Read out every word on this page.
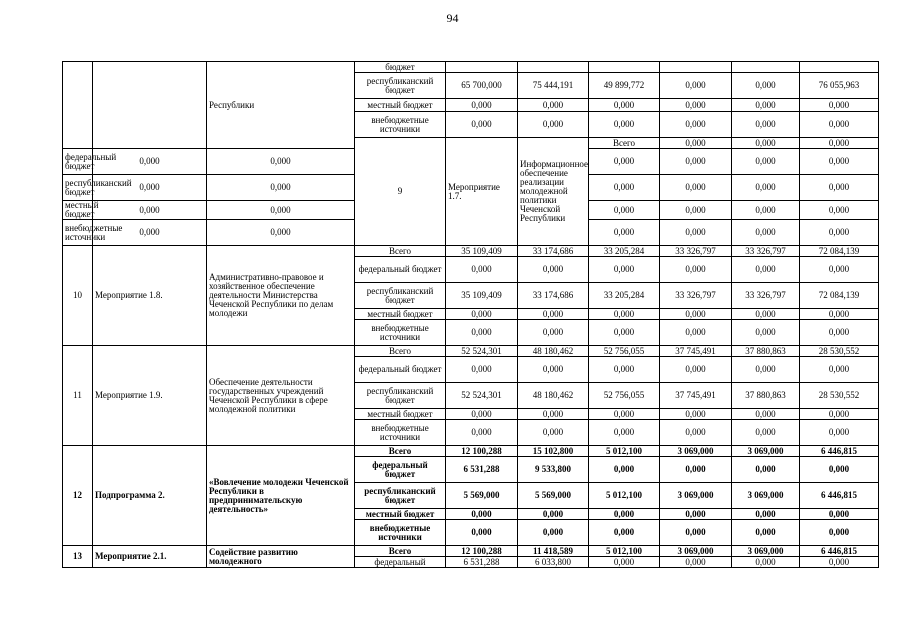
94
		Республики	бюджет							
			республиканский бюджет	65 700,000	75 444,191	49 899,772	0,000	0,000	76 055,963	
			местный бюджет	0,000	0,000	0,000	0,000	0,000	0,000	
			внебюджетные источники	0,000	0,000	0,000	0,000	0,000	0,000	
			9	Мероприятие 1.7.	Информационное обеспечение реализации молодежной политики Чеченской Республики	Всего	0,000	0,000	0,000			
федеральный бюджет	0,000	0,000				0,000	0,000	0,000	0,000	
республиканский бюджет	0,000	0,000				0,000	0,000	0,000	0,000	
местный бюджет	0,000	0,000				0,000	0,000	0,000	0,000	
внебюджетные источники	0,000	0,000				0,000	0,000	0,000	0,000	
10	Мероприятие 1.8.	Административно-правовое и хозяйственное обеспечение деятельности Министерства Чеченской Республики по делам молодежи	Всего	35 109,409	33 174,686	33 205,284	33 326,797	33 326,797	72 084,139	
			федеральный бюджет	0,000	0,000	0,000	0,000	0,000	0,000	
			республиканский бюджет	35 109,409	33 174,686	33 205,284	33 326,797	33 326,797	72 084,139	
			местный бюджет	0,000	0,000	0,000	0,000	0,000	0,000	
			внебюджетные источники	0,000	0,000	0,000	0,000	0,000	0,000	
11	Мероприятие 1.9.	Обеспечение деятельности государственных учреждений Чеченской Республики в сфере молодежной политики	Всего	52 524,301	48 180,462	52 756,055	37 745,491	37 880,863	28 530,552	
			федеральный бюджет	0,000	0,000	0,000	0,000	0,000	0,000	
			республиканский бюджет	52 524,301	48 180,462	52 756,055	37 745,491	37 880,863	28 530,552	
			местный бюджет	0,000	0,000	0,000	0,000	0,000	0,000	
			внебюджетные источники	0,000	0,000	0,000	0,000	0,000	0,000	
12	Подпрограмма 2.	«Вовлечение молодежи Чеченской Республики в предпринимательскую деятельность»	Всего	12 100,288	15 102,800	5 012,100	3 069,000	3 069,000	6 446,815	
			федеральный бюджет	6 531,288	9 533,800	0,000	0,000	0,000	0,000	
			республиканский бюджет	5 569,000	5 569,000	5 012,100	3 069,000	3 069,000	6 446,815	
			местный бюджет	0,000	0,000	0,000	0,000	0,000	0,000	
			внебюджетные источники	0,000	0,000	0,000	0,000	0,000	0,000	
13	Мероприятие 2.1.	Содействие развитию молодежного	Всего	12 100,288	11 418,589	5 012,100	3 069,000	3 069,000	6 446,815	
			федеральный	6 531,288	6 033,800	0,000	0,000	0,000	0,000	
